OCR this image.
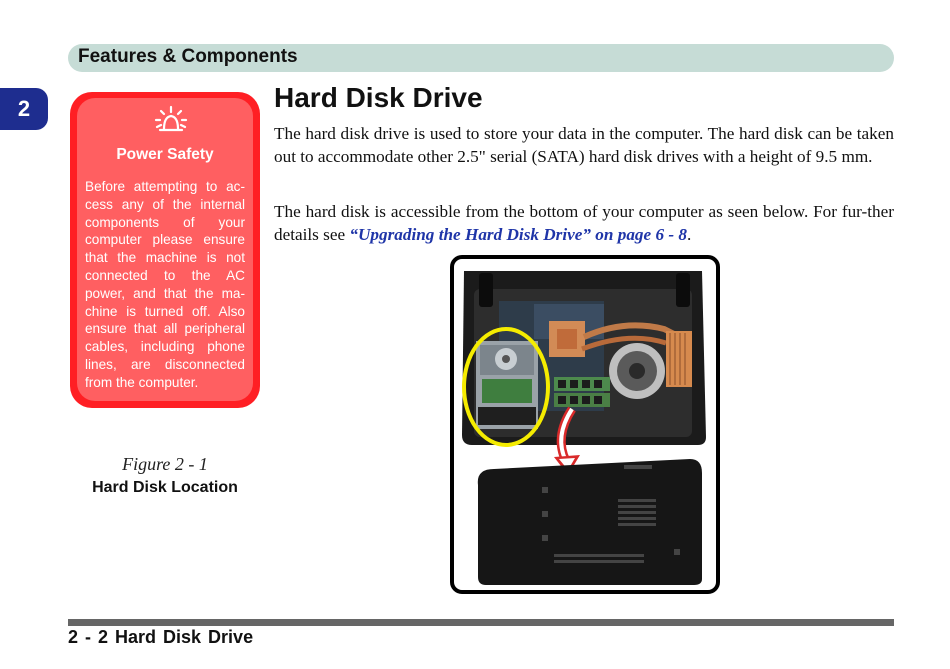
Features & Components
2
Power Safety
Before attempting to access any of the internal components of your computer please ensure that the machine is not connected to the AC power, and that the machine is turned off. Also ensure that all peripheral cables, including phone lines, are disconnected from the computer.
Figure 2 - 1
Hard Disk Location
Hard Disk Drive
The hard disk drive is used to store your data in the computer. The hard disk can be taken out to accommodate other 2.5" serial (SATA) hard disk drives with a height of 9.5 mm.
The hard disk is accessible from the bottom of your computer as seen below. For fur-ther details see “Upgrading the Hard Disk Drive” on page 6 - 8.
2 - 2 Hard Disk Drive
